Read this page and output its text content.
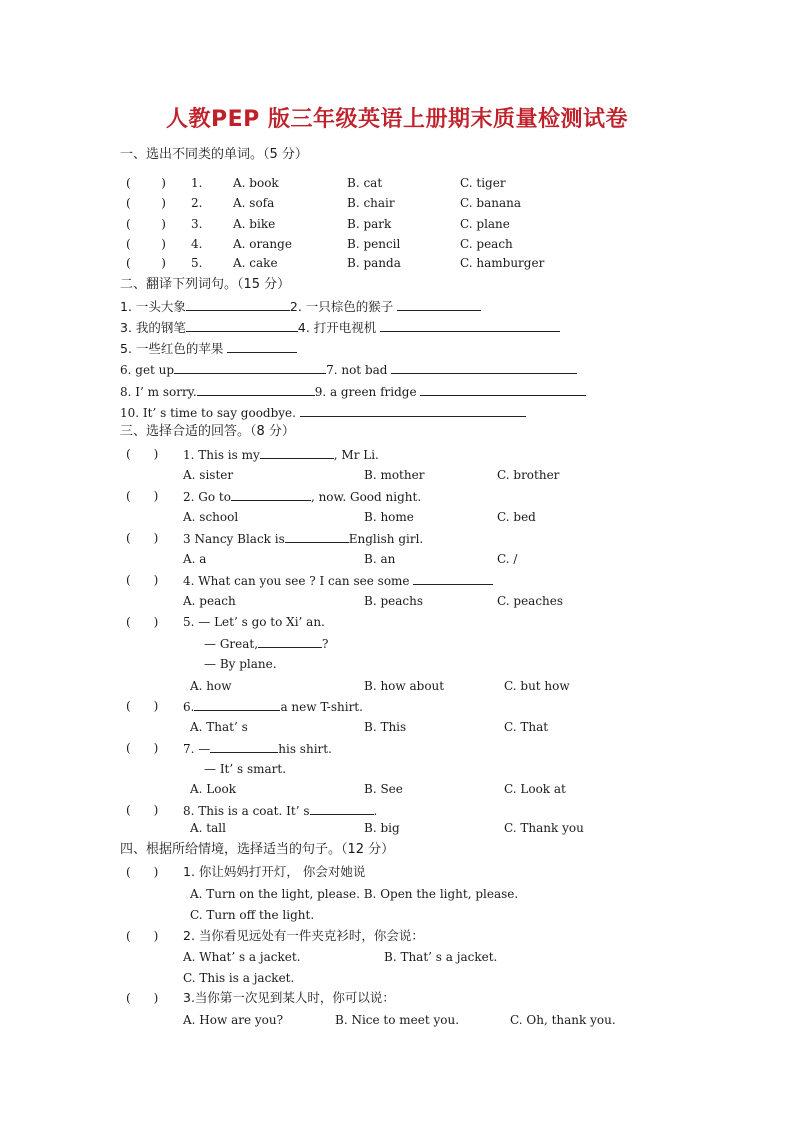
人教PEP 版三年级英语上册期末质量检测试卷
一、选出不同类的单词。（5 分）
(        ) 1.	A. book	B. cat	C. tiger
(        ) 2.	A. sofa	B. chair	C. banana
(        ) 3.	A. bike	B. park	C. plane
(        ) 4.	A. orange	B. pencil	C. peach
(        ) 5.	A. cake	B. panda	C. hamburger
二、翻译下列词句。（15 分）
1. 一头大象	2. 一只棕色的猴子
3. 我的钢笔	4. 打开电视机
5. 一些红色的苹果
6. get up	7. not bad
8. I’ m sorry.	9. a green fridge
10. It’ s time to say goodbye.
三、选择合适的回答。（8 分）
(      ) 1. This is my	, Mr Li.
A. sister	B. mother	C. brother
(      ) 2. Go to	, now. Good night.
A. school	B. home	C. bed
(      ) 3 Nancy Black is	English girl.
A. a	B. an	C. /
(      ) 4. What can you see ? I can see some
A. peach	B. peachs	C. peaches
(      ) 5. — Let’ s go to Xi’ an.
— Great,	?
— By plane.
A. how	B. how about	C. but how
(      ) 6.	a new T-shirt.
A. That’ s	B. This	C. That
(      ) 7. —	his shirt.
— It’ s smart.
A. Look	B. See	C. Look at
(      ) 8. This is a coat. It’ s	.
A. tall	B. big	C. Thank you
四、根据所给情境，选择适当的句子。（12 分）
(      ) 1. 你让妈妈打开灯， 你会对她说
A. Turn on the light, please. B. Open the light, please.
C. Turn off the light.
(      ) 2. 当你看见远处有一件夹克衫时，你会说：
A. What’ s a jacket.	B. That’ s a jacket.
C. This is a jacket.
(      ) 3.当你第一次见到某人时，你可以说：
A. How are you?	B. Nice to meet you.	C. Oh, thank you.
